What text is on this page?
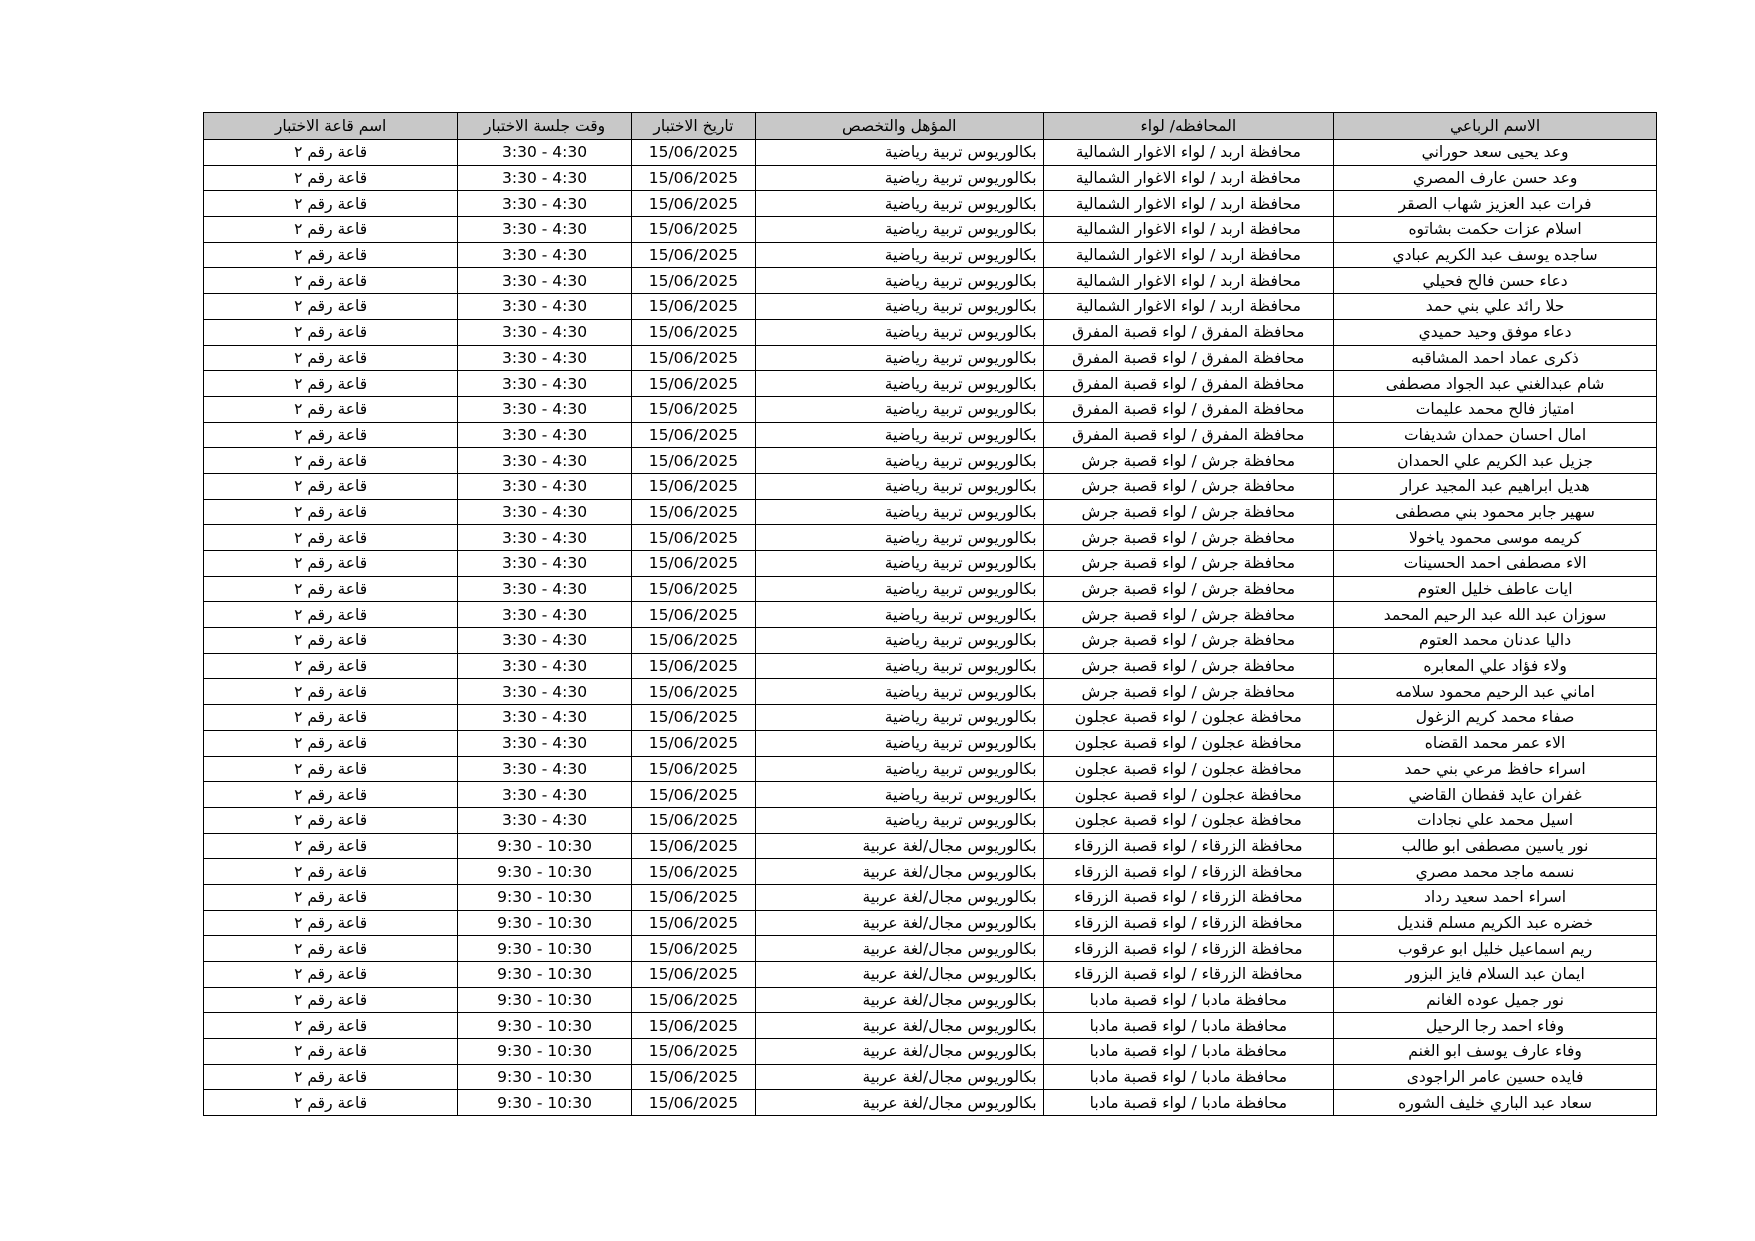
الاسم الرباعي	المحافظه/ لواء	المؤهل والتخصص	تاريخ الاختبار	وقت جلسة الاختبار	اسم قاعة الاختبار
وعد يحيى سعد حوراني	محافظة اربد / لواء الاغوار الشمالية	بكالوريوس تربية رياضية	15/06/2025	3:30 - 4:30	قاعة رقم ٢
وعد حسن عارف المصري	محافظة اربد / لواء الاغوار الشمالية	بكالوريوس تربية رياضية	15/06/2025	3:30 - 4:30	قاعة رقم ٢
فرات عبد العزيز شهاب الصقر	محافظة اربد / لواء الاغوار الشمالية	بكالوريوس تربية رياضية	15/06/2025	3:30 - 4:30	قاعة رقم ٢
اسلام عزات حكمت بشاتوه	محافظة اربد / لواء الاغوار الشمالية	بكالوريوس تربية رياضية	15/06/2025	3:30 - 4:30	قاعة رقم ٢
ساجده يوسف عبد الكريم عبادي	محافظة اربد / لواء الاغوار الشمالية	بكالوريوس تربية رياضية	15/06/2025	3:30 - 4:30	قاعة رقم ٢
دعاء حسن فالح فحيلي	محافظة اربد / لواء الاغوار الشمالية	بكالوريوس تربية رياضية	15/06/2025	3:30 - 4:30	قاعة رقم ٢
حلا رائد علي بني حمد	محافظة اربد / لواء الاغوار الشمالية	بكالوريوس تربية رياضية	15/06/2025	3:30 - 4:30	قاعة رقم ٢
دعاء موفق وحيد حميدي	محافظة المفرق / لواء قصبة المفرق	بكالوريوس تربية رياضية	15/06/2025	3:30 - 4:30	قاعة رقم ٢
ذكرى عماد احمد المشاقبه	محافظة المفرق / لواء قصبة المفرق	بكالوريوس تربية رياضية	15/06/2025	3:30 - 4:30	قاعة رقم ٢
شام عبدالغني عبد الجواد مصطفى	محافظة المفرق / لواء قصبة المفرق	بكالوريوس تربية رياضية	15/06/2025	3:30 - 4:30	قاعة رقم ٢
امتياز فالح محمد عليمات	محافظة المفرق / لواء قصبة المفرق	بكالوريوس تربية رياضية	15/06/2025	3:30 - 4:30	قاعة رقم ٢
امال احسان حمدان شديفات	محافظة المفرق / لواء قصبة المفرق	بكالوريوس تربية رياضية	15/06/2025	3:30 - 4:30	قاعة رقم ٢
جزيل عبد الكريم علي الحمدان	محافظة جرش / لواء قصبة جرش	بكالوريوس تربية رياضية	15/06/2025	3:30 - 4:30	قاعة رقم ٢
هديل ابراهيم عبد المجيد عرار	محافظة جرش / لواء قصبة جرش	بكالوريوس تربية رياضية	15/06/2025	3:30 - 4:30	قاعة رقم ٢
سهير جابر محمود بني مصطفى	محافظة جرش / لواء قصبة جرش	بكالوريوس تربية رياضية	15/06/2025	3:30 - 4:30	قاعة رقم ٢
كريمه موسى محمود ياخولا	محافظة جرش / لواء قصبة جرش	بكالوريوس تربية رياضية	15/06/2025	3:30 - 4:30	قاعة رقم ٢
الاء مصطفى احمد الحسينات	محافظة جرش / لواء قصبة جرش	بكالوريوس تربية رياضية	15/06/2025	3:30 - 4:30	قاعة رقم ٢
ايات عاطف خليل العتوم	محافظة جرش / لواء قصبة جرش	بكالوريوس تربية رياضية	15/06/2025	3:30 - 4:30	قاعة رقم ٢
سوزان عبد الله عبد الرحيم المحمد	محافظة جرش / لواء قصبة جرش	بكالوريوس تربية رياضية	15/06/2025	3:30 - 4:30	قاعة رقم ٢
داليا عدنان محمد العتوم	محافظة جرش / لواء قصبة جرش	بكالوريوس تربية رياضية	15/06/2025	3:30 - 4:30	قاعة رقم ٢
ولاء فؤاد علي المعابره	محافظة جرش / لواء قصبة جرش	بكالوريوس تربية رياضية	15/06/2025	3:30 - 4:30	قاعة رقم ٢
اماني عبد الرحيم محمود سلامه	محافظة جرش / لواء قصبة جرش	بكالوريوس تربية رياضية	15/06/2025	3:30 - 4:30	قاعة رقم ٢
صفاء محمد كريم الزغول	محافظة عجلون / لواء قصبة عجلون	بكالوريوس تربية رياضية	15/06/2025	3:30 - 4:30	قاعة رقم ٢
الاء عمر محمد القضاه	محافظة عجلون / لواء قصبة عجلون	بكالوريوس تربية رياضية	15/06/2025	3:30 - 4:30	قاعة رقم ٢
اسراء حافظ مرعي بني حمد	محافظة عجلون / لواء قصبة عجلون	بكالوريوس تربية رياضية	15/06/2025	3:30 - 4:30	قاعة رقم ٢
غفران عايد قفطان القاضي	محافظة عجلون / لواء قصبة عجلون	بكالوريوس تربية رياضية	15/06/2025	3:30 - 4:30	قاعة رقم ٢
اسيل محمد علي نجادات	محافظة عجلون / لواء قصبة عجلون	بكالوريوس تربية رياضية	15/06/2025	3:30 - 4:30	قاعة رقم ٢
نور ياسين مصطفى ابو طالب	محافظة الزرقاء / لواء قصبة الزرقاء	بكالوريوس مجال/لغة عربية	15/06/2025	9:30 - 10:30	قاعة رقم ٢
نسمه ماجد محمد مصري	محافظة الزرقاء / لواء قصبة الزرقاء	بكالوريوس مجال/لغة عربية	15/06/2025	9:30 - 10:30	قاعة رقم ٢
اسراء احمد سعيد رداد	محافظة الزرقاء / لواء قصبة الزرقاء	بكالوريوس مجال/لغة عربية	15/06/2025	9:30 - 10:30	قاعة رقم ٢
خضره عبد الكريم مسلم قنديل	محافظة الزرقاء / لواء قصبة الزرقاء	بكالوريوس مجال/لغة عربية	15/06/2025	9:30 - 10:30	قاعة رقم ٢
ريم اسماعيل خليل ابو عرقوب	محافظة الزرقاء / لواء قصبة الزرقاء	بكالوريوس مجال/لغة عربية	15/06/2025	9:30 - 10:30	قاعة رقم ٢
ايمان عبد السلام فايز البزور	محافظة الزرقاء / لواء قصبة الزرقاء	بكالوريوس مجال/لغة عربية	15/06/2025	9:30 - 10:30	قاعة رقم ٢
نور جميل عوده الغانم	محافظة مادبا / لواء قصبة مادبا	بكالوريوس مجال/لغة عربية	15/06/2025	9:30 - 10:30	قاعة رقم ٢
وفاء احمد رجا الرحيل	محافظة مادبا / لواء قصبة مادبا	بكالوريوس مجال/لغة عربية	15/06/2025	9:30 - 10:30	قاعة رقم ٢
وفاء عارف يوسف ابو الغنم	محافظة مادبا / لواء قصبة مادبا	بكالوريوس مجال/لغة عربية	15/06/2025	9:30 - 10:30	قاعة رقم ٢
فايده حسين عامر الراجودى	محافظة مادبا / لواء قصبة مادبا	بكالوريوس مجال/لغة عربية	15/06/2025	9:30 - 10:30	قاعة رقم ٢
سعاد عبد الباري خليف الشوره	محافظة مادبا / لواء قصبة مادبا	بكالوريوس مجال/لغة عربية	15/06/2025	9:30 - 10:30	قاعة رقم ٢
